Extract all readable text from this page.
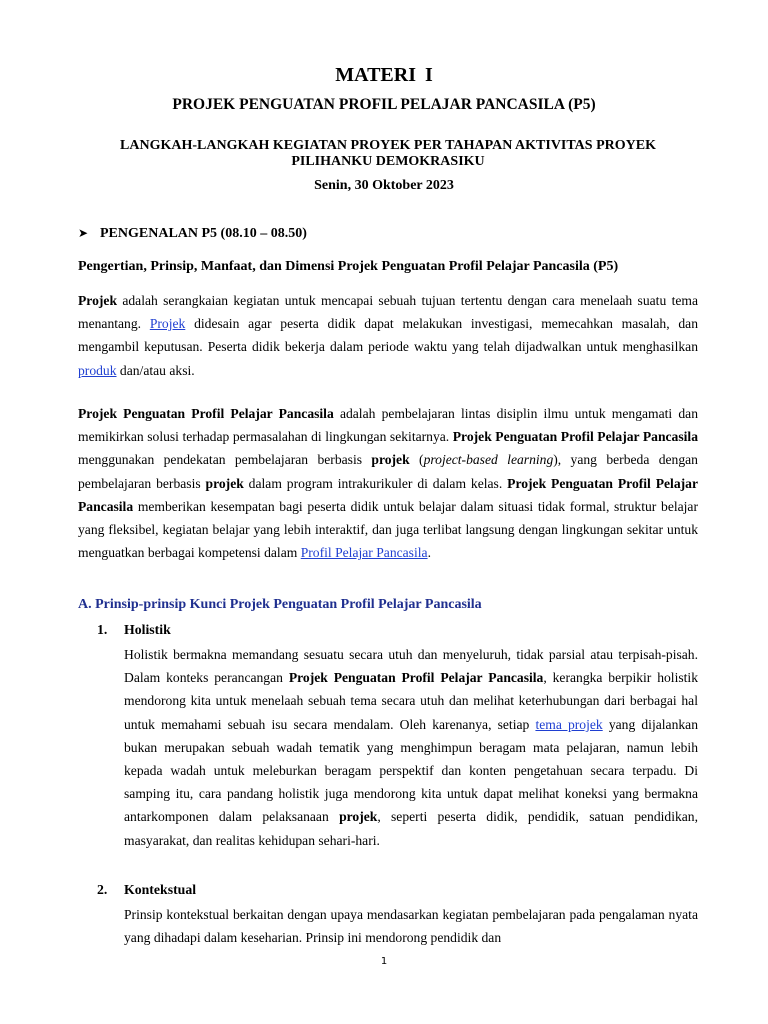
MATERI I
PROJEK PENGUATAN PROFIL PELAJAR PANCASILA (P5)
LANGKAH-LANGKAH KEGIATAN PROYEK PER TAHAPAN AKTIVITAS PROYEK PILIHANKU DEMOKRASIKU
Senin, 30 Oktober 2023
➤ PENGENALAN P5 (08.10 – 08.50)
Pengertian, Prinsip, Manfaat, dan Dimensi Projek Penguatan Profil Pelajar Pancasila (P5)
Projek adalah serangkaian kegiatan untuk mencapai sebuah tujuan tertentu dengan cara menelaah suatu tema menantang. Projek didesain agar peserta didik dapat melakukan investigasi, memecahkan masalah, dan mengambil keputusan. Peserta didik bekerja dalam periode waktu yang telah dijadwalkan untuk menghasilkan produk dan/atau aksi.
Projek Penguatan Profil Pelajar Pancasila adalah pembelajaran lintas disiplin ilmu untuk mengamati dan memikirkan solusi terhadap permasalahan di lingkungan sekitarnya. Projek Penguatan Profil Pelajar Pancasila menggunakan pendekatan pembelajaran berbasis projek (project-based learning), yang berbeda dengan pembelajaran berbasis projek dalam program intrakurikuler di dalam kelas. Projek Penguatan Profil Pelajar Pancasila memberikan kesempatan bagi peserta didik untuk belajar dalam situasi tidak formal, struktur belajar yang fleksibel, kegiatan belajar yang lebih interaktif, dan juga terlibat langsung dengan lingkungan sekitar untuk menguatkan berbagai kompetensi dalam Profil Pelajar Pancasila.
A. Prinsip-prinsip Kunci Projek Penguatan Profil Pelajar Pancasila
1. Holistik
Holistik bermakna memandang sesuatu secara utuh dan menyeluruh, tidak parsial atau terpisah-pisah. Dalam konteks perancangan Projek Penguatan Profil Pelajar Pancasila, kerangka berpikir holistik mendorong kita untuk menelaah sebuah tema secara utuh dan melihat keterhubungan dari berbagai hal untuk memahami sebuah isu secara mendalam. Oleh karenanya, setiap tema projek yang dijalankan bukan merupakan sebuah wadah tematik yang menghimpun beragam mata pelajaran, namun lebih kepada wadah untuk meleburkan beragam perspektif dan konten pengetahuan secara terpadu. Di samping itu, cara pandang holistik juga mendorong kita untuk dapat melihat koneksi yang bermakna antarkomponen dalam pelaksanaan projek, seperti peserta didik, pendidik, satuan pendidikan, masyarakat, dan realitas kehidupan sehari-hari.
2. Kontekstual
Prinsip kontekstual berkaitan dengan upaya mendasarkan kegiatan pembelajaran pada pengalaman nyata yang dihadapi dalam keseharian. Prinsip ini mendorong pendidik dan
1
